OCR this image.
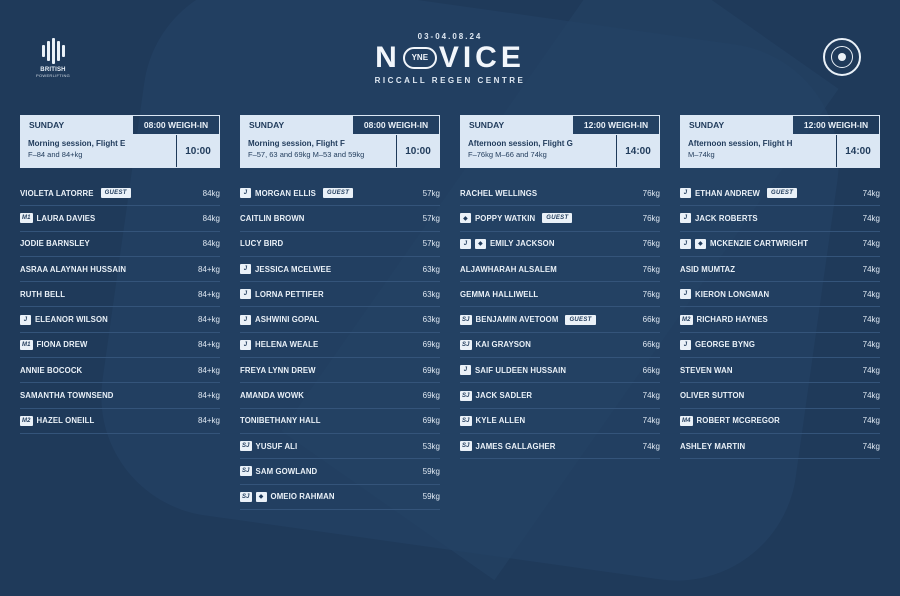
BRITISH
POWERLIFTING
03-04.08.24
N	YNE VICE
RICCALL REGEN CENTRE
SUNDAY	08:00 WEIGH-IN
Morning session, Flight E
F–84 and 84+kg	10:00
VIOLETA LATORRE	GUEST	84kg
M1 LAURA DAVIES	84kg
JODIE BARNSLEY	84kg
ASRAA ALAYNAH HUSSAIN	84+kg
RUTH BELL	84+kg
J ELEANOR WILSON	84+kg
M1 FIONA DREW	84+kg
ANNIE BOCOCK	84+kg
SAMANTHA TOWNSEND	84+kg
M2 HAZEL ONEILL	84+kg
SUNDAY	08:00 WEIGH-IN
Morning session, Flight F
F–57, 63 and 69kg M–53 and 59kg	10:00
J MORGAN ELLIS	GUEST	57kg
CAITLIN BROWN	57kg
LUCY BIRD	57kg
J JESSICA MCELWEE	63kg
J LORNA PETTIFER	63kg
J ASHWINI GOPAL	63kg
J HELENA WEALE	69kg
FREYA LYNN DREW	69kg
AMANDA WOWK	69kg
TONIBETHANY HALL	69kg
SJ YUSUF ALI	53kg
SJ SAM GOWLAND	59kg
SJ	◆ OMEIO RAHMAN	59kg
SUNDAY	12:00 WEIGH-IN
Afternoon session, Flight G
F–76kg M–66 and 74kg	14:00
RACHEL WELLINGS	76kg
◆ POPPY WATKIN	GUEST	76kg
J	◆ EMILY JACKSON	76kg
ALJAWHARAH ALSALEM	76kg
GEMMA HALLIWELL	76kg
SJ BENJAMIN AVETOOM	GUEST	66kg
SJ KAI GRAYSON	66kg
J SAIF ULDEEN HUSSAIN	66kg
SJ JACK SADLER	74kg
SJ KYLE ALLEN	74kg
SJ JAMES GALLAGHER	74kg
SUNDAY	12:00 WEIGH-IN
Afternoon session, Flight H
M–74kg	14:00
J ETHAN ANDREW	GUEST	74kg
J JACK ROBERTS	74kg
J	◆ MCKENZIE CARTWRIGHT	74kg
ASID MUMTAZ	74kg
J KIERON LONGMAN	74kg
M2 RICHARD HAYNES	74kg
J GEORGE BYNG	74kg
STEVEN WAN	74kg
OLIVER SUTTON	74kg
M4 ROBERT MCGREGOR	74kg
ASHLEY MARTIN	74kg
